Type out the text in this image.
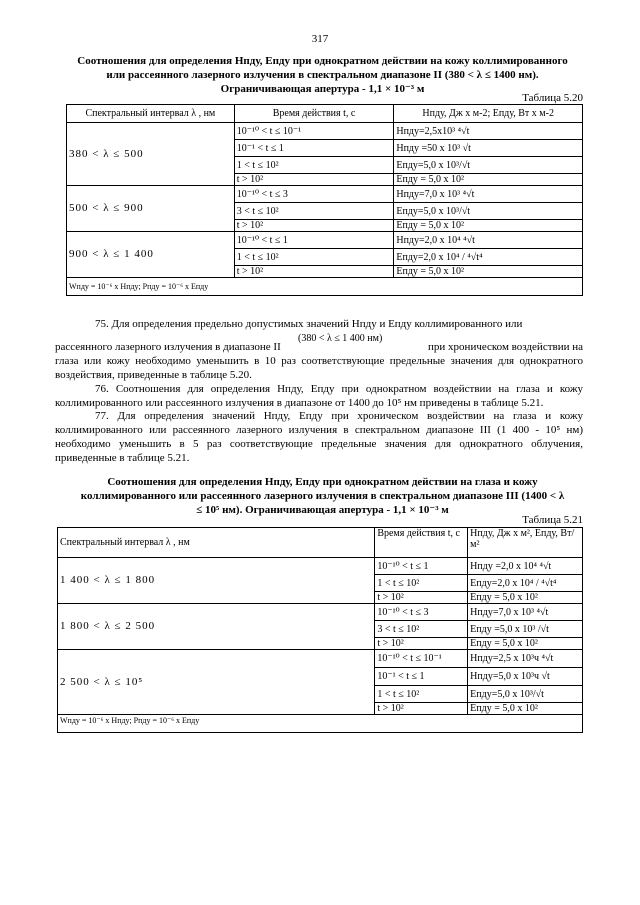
317
Соотношения для определения Hпду, Eпду при однократном действии на кожу коллимированного
или рассеянного лазерного излучения в спектральном диапазоне II (380 < λ ≤ 1400 нм).
Ограничивающая апертура - 1,1 × 10⁻³ м
Таблица 5.20
Спектральный интервал λ , нм	Время действия t, с	Hпду, Дж х м-2; Eпду, Вт х м-2
380 < λ ≤ 500	10⁻¹⁰ < t ≤ 10⁻¹	Hпду=2,5x10³ ⁴√t
	10⁻¹ < t ≤ 1	Hпду =50 x 10³ √t
	1 < t ≤ 10²	Eпду=5,0 x 10³/√t
	t > 10²	Eпду = 5,0 x 10²
500 < λ ≤ 900	10⁻¹⁰ < t ≤ 3	Hпду=7,0 x 10³ ⁴√t
	3 < t ≤ 10²	Eпду=5,0 x 10³/√t
	t > 10²	Eпду = 5,0 x 10²
900 < λ ≤ 1 400	10⁻¹⁰ < t ≤ 1	Hпду=2,0 x 10⁴ ⁴√t
	1 < t ≤ 10²	Eпду=2,0 x 10⁴ / ⁴√t⁴
	t > 10²	Eпду = 5,0 x 10²
Wпду = 10⁻⁶ x Hпду; Pпду = 10⁻⁶ x Eпду		
75. Для определения предельно допустимых значений Hпду и Eпду коллимированного или
(380 < λ ≤ 1 400 нм)
рассеянного лазерного излучения в диапазоне II	при хроническом воздействии на
глаза или кожу необходимо уменьшить в 10 раз соответствующие предельные значения для однократного воздействия, приведенные в таблице 5.20.
76. Соотношения для определения Hпду, Eпду при однократном воздействии на глаза и кожу коллимированного или рассеянного излучения в диапазоне от 1400 до 10⁵ нм приведены в таблице 5.21.
77. Для определения значений Hпду, Eпду при хроническом воздействии на глаза и кожу коллимированного или рассеянного лазерного излучения в спектральном диапазоне III (1 400 - 10⁵ нм) необходимо уменьшить в 5 раз соответствующие предельные значения для однократного облучения, приведенные в таблице 5.21.
Соотношения для определения Hпду, Eпду при однократном действии на глаза и кожу
коллимированного или рассеянного лазерного излучения в спектральном диапазоне III (1400 < λ
≤ 10⁵ нм). Ограничивающая апертура - 1,1 × 10⁻³ м
Таблица 5.21
Спектральный интервал λ , нм	Время действия t, с	Hпду, Дж х м², Eпду, Вт/м²
1 400 < λ ≤ 1 800	10⁻¹⁰ < t ≤ 1	Hпду =2,0 x 10⁴ ⁴√t
	1 < t ≤ 10²	Eпду=2,0 x 10⁴ / ⁴√t⁴
	t > 10²	Eпду = 5,0 x 10²
1 800 < λ ≤ 2 500	10⁻¹⁰ < t ≤ 3	Hпду=7,0 x 10³ ⁴√t
	3 < t ≤ 10²	Eпду =5,0 x 10³ /√t
	t > 10²	Eпду = 5,0 x 10²
2 500 < λ ≤ 10⁵	10⁻¹⁰ < t ≤ 10⁻¹	Hпду=2,5 x 10³ч ⁴√t
	10⁻¹ < t ≤ 1	Hпду=5,0 x 10³ч √t
	1 < t ≤ 10²	Eпду=5,0 x 10³/√t
	t > 10²	Eпду = 5,0 x 10²
Wпду = 10⁻⁶ x Hпду; Pпду = 10⁻⁶ x Eпду		
